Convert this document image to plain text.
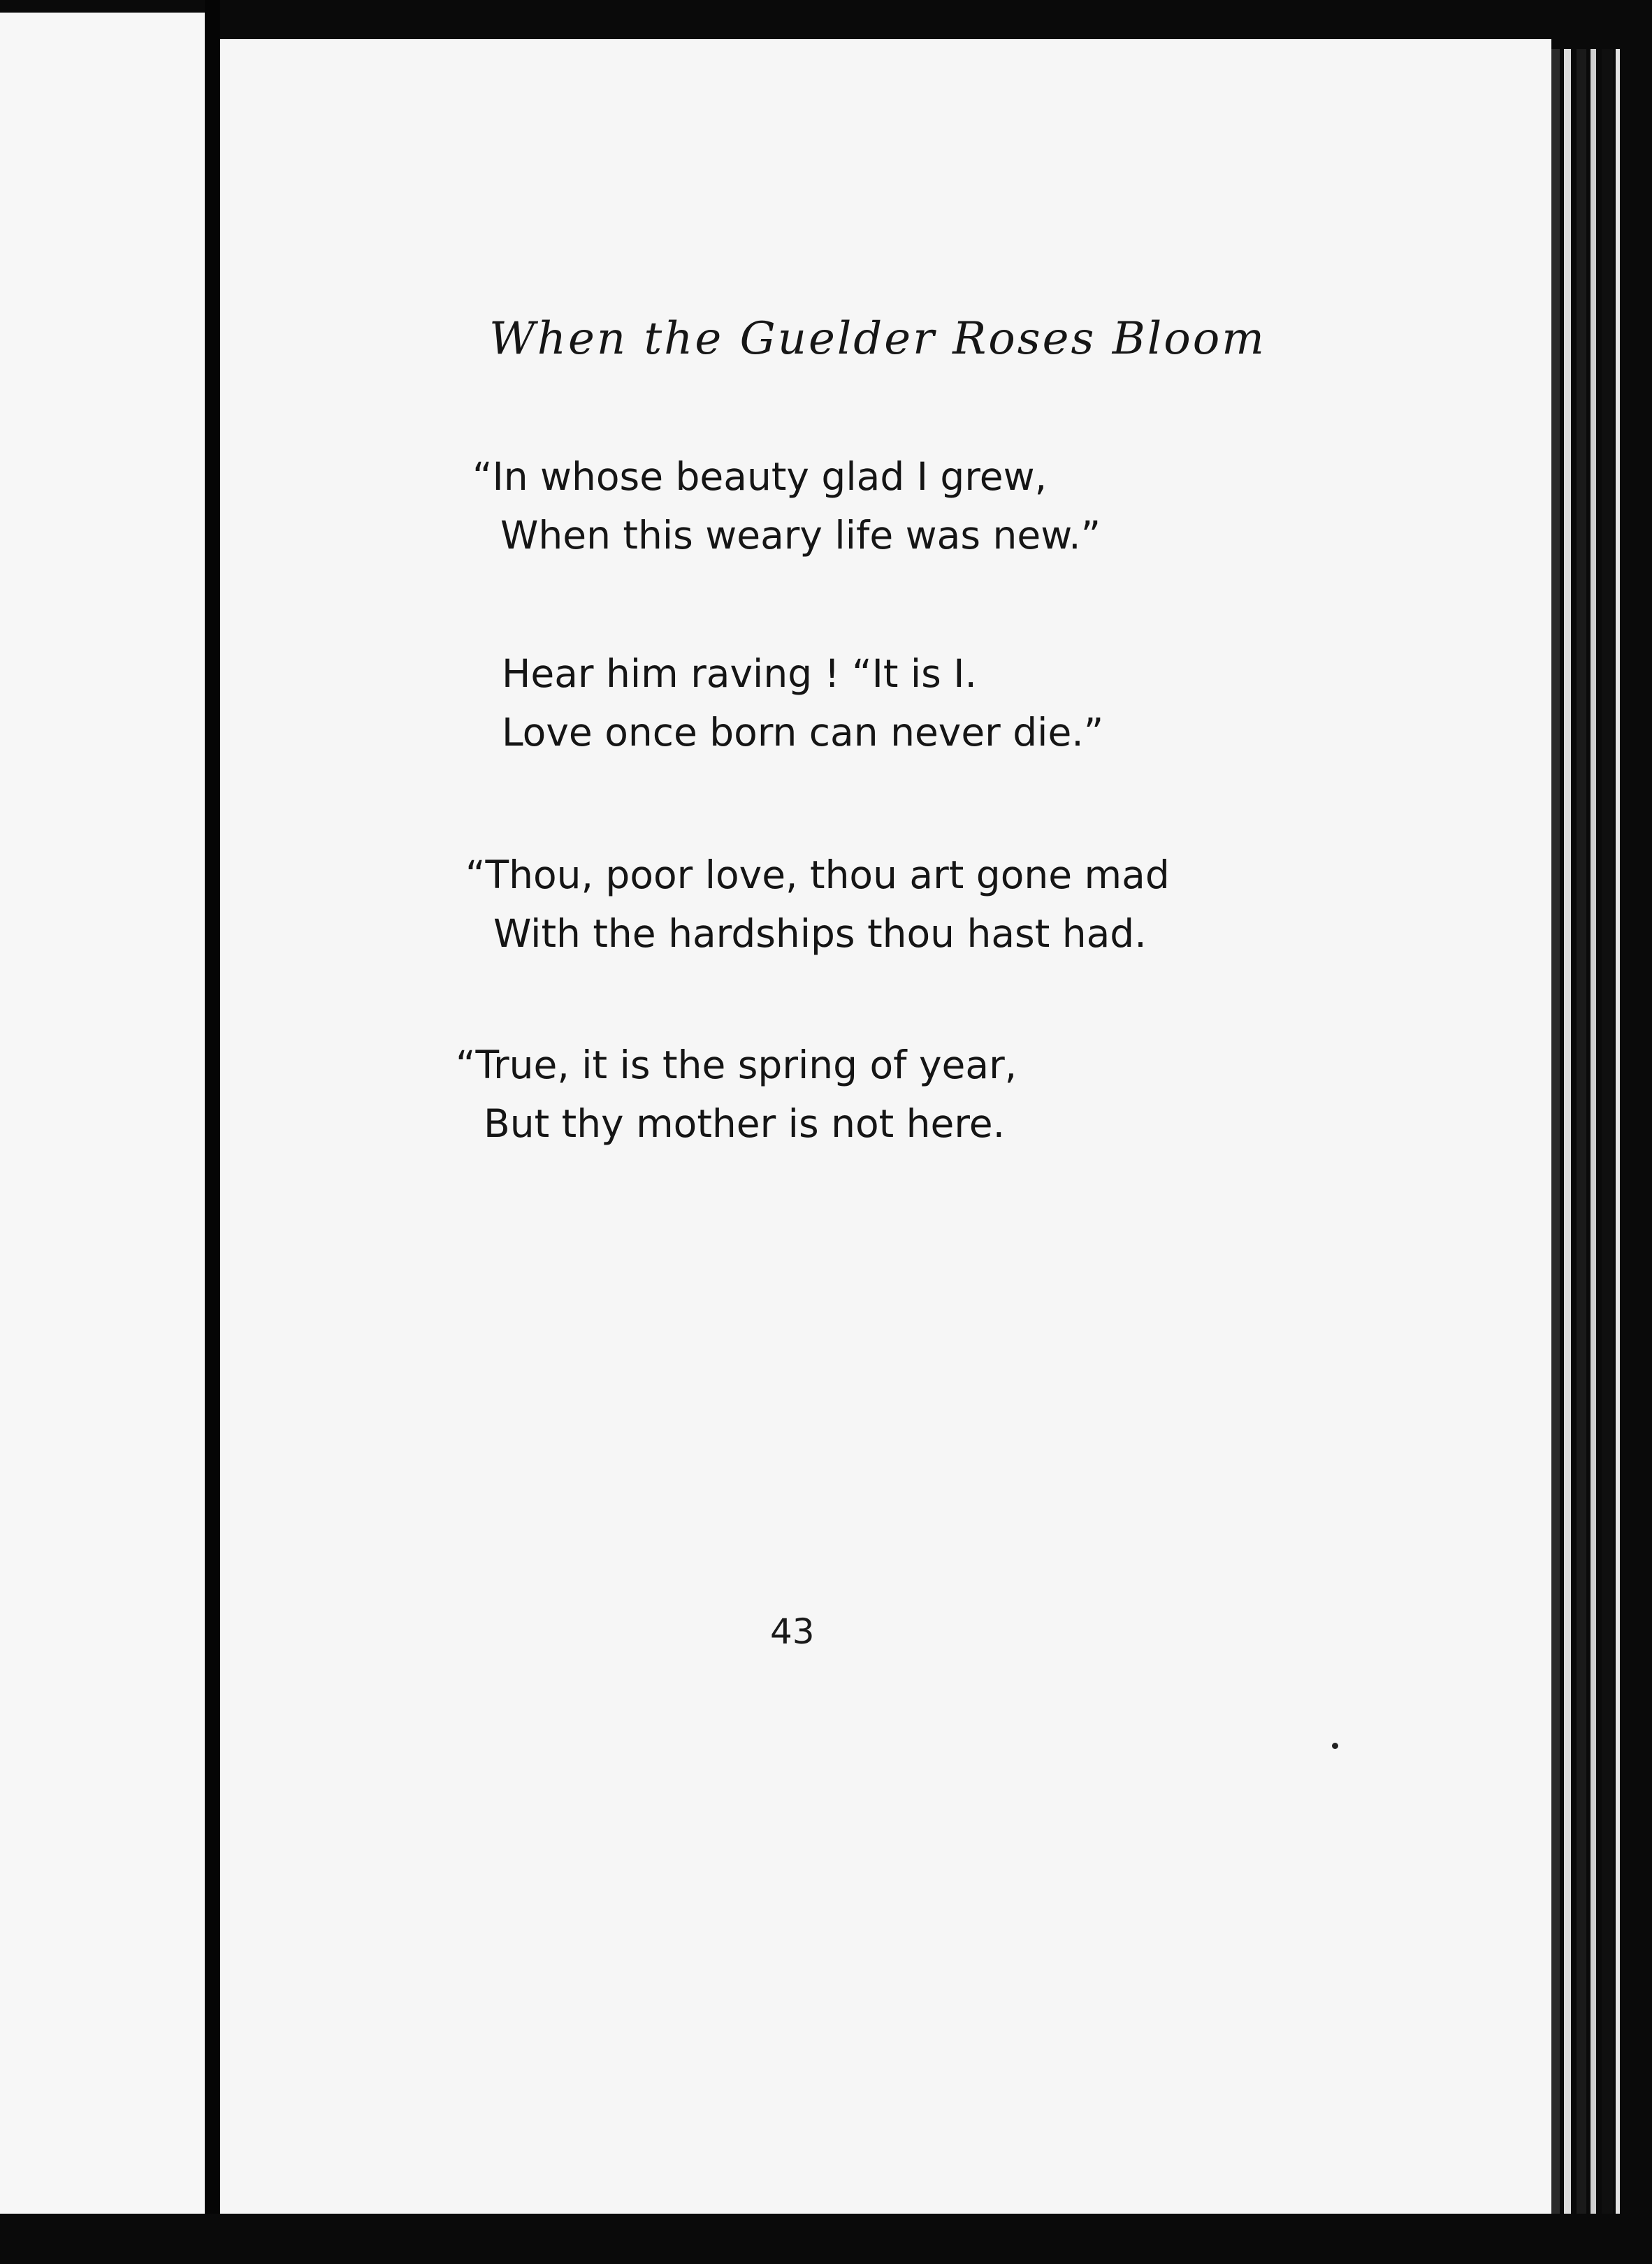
When the Guelder Roses Bloom
“In whose beauty glad I grew,
When this weary life was new.”
Hear him raving ! “It is I.
Love once born can never die.”
“Thou, poor love, thou art gone mad
With the hardships thou hast had.
“True, it is the spring of year,
But thy mother is not here.
43
